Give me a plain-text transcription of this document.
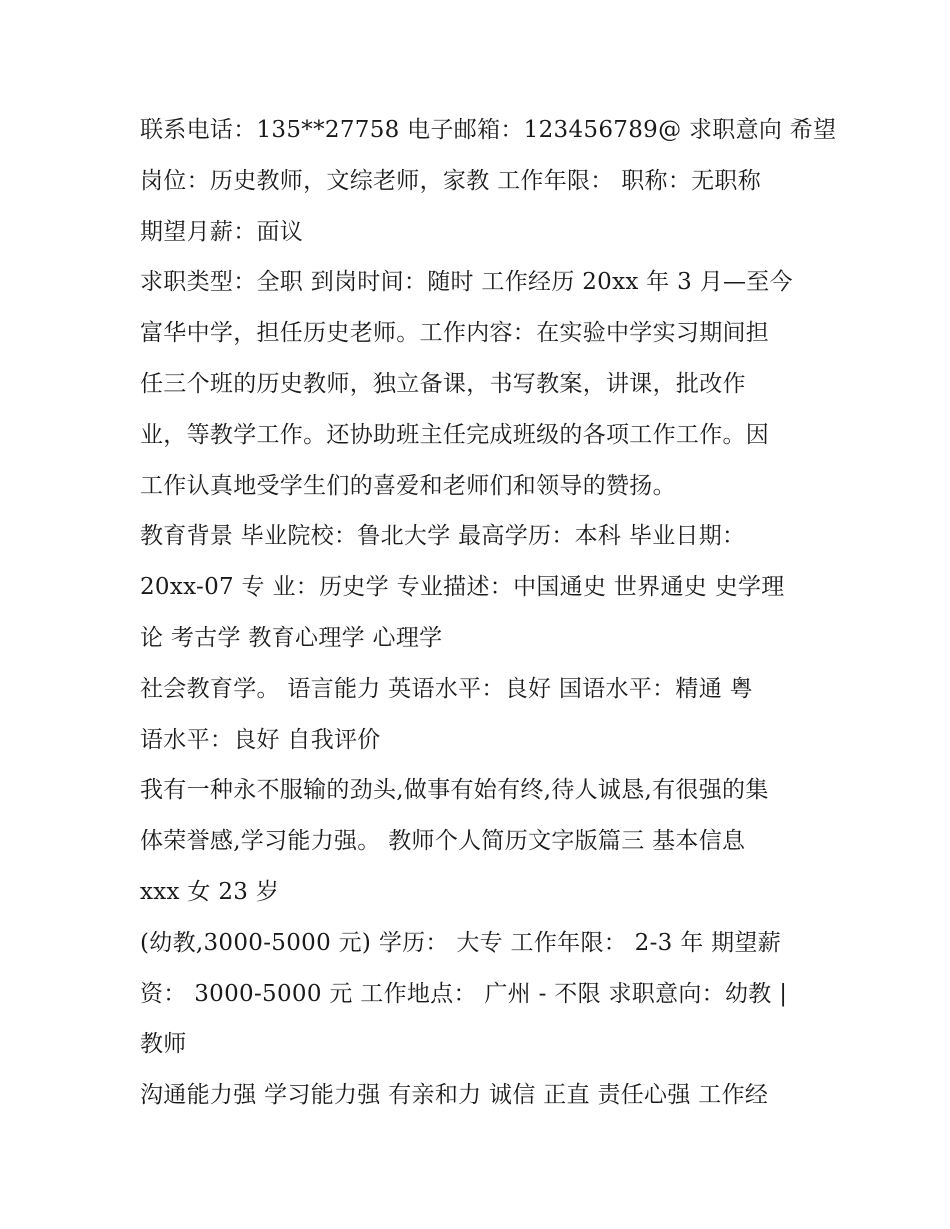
联系电话：135**27758 电子邮箱：123456789@ 求职意向 希望
岗位：历史教师，文综老师，家教 工作年限： 职称：无职称
期望月薪：面议
求职类型：全职 到岗时间：随时 工作经历 20xx 年 3 月—至今
富华中学，担任历史老师。工作内容：在实验中学实习期间担
任三个班的历史教师，独立备课，书写教案，讲课，批改作
业，等教学工作。还协助班主任完成班级的各项工作工作。因
工作认真地受学生们的喜爱和老师们和领导的赞扬。
教育背景 毕业院校：鲁北大学 最高学历：本科 毕业日期：
20xx-07 专 业：历史学 专业描述：中国通史 世界通史 史学理
论 考古学 教育心理学 心理学
社会教育学。 语言能力 英语水平：良好 国语水平：精通 粤
语水平：良好 自我评价
我有一种永不服输的劲头,做事有始有终,待人诚恳,有很强的集
体荣誉感,学习能力强。 教师个人简历文字版篇三 基本信息
xxx 女 23 岁
(幼教,3000-5000 元) 学历： 大专 工作年限： 2-3 年 期望薪
资： 3000-5000 元 工作地点： 广州 - 不限 求职意向：幼教 |
教师
沟通能力强 学习能力强 有亲和力 诚信 正直 责任心强 工作经
